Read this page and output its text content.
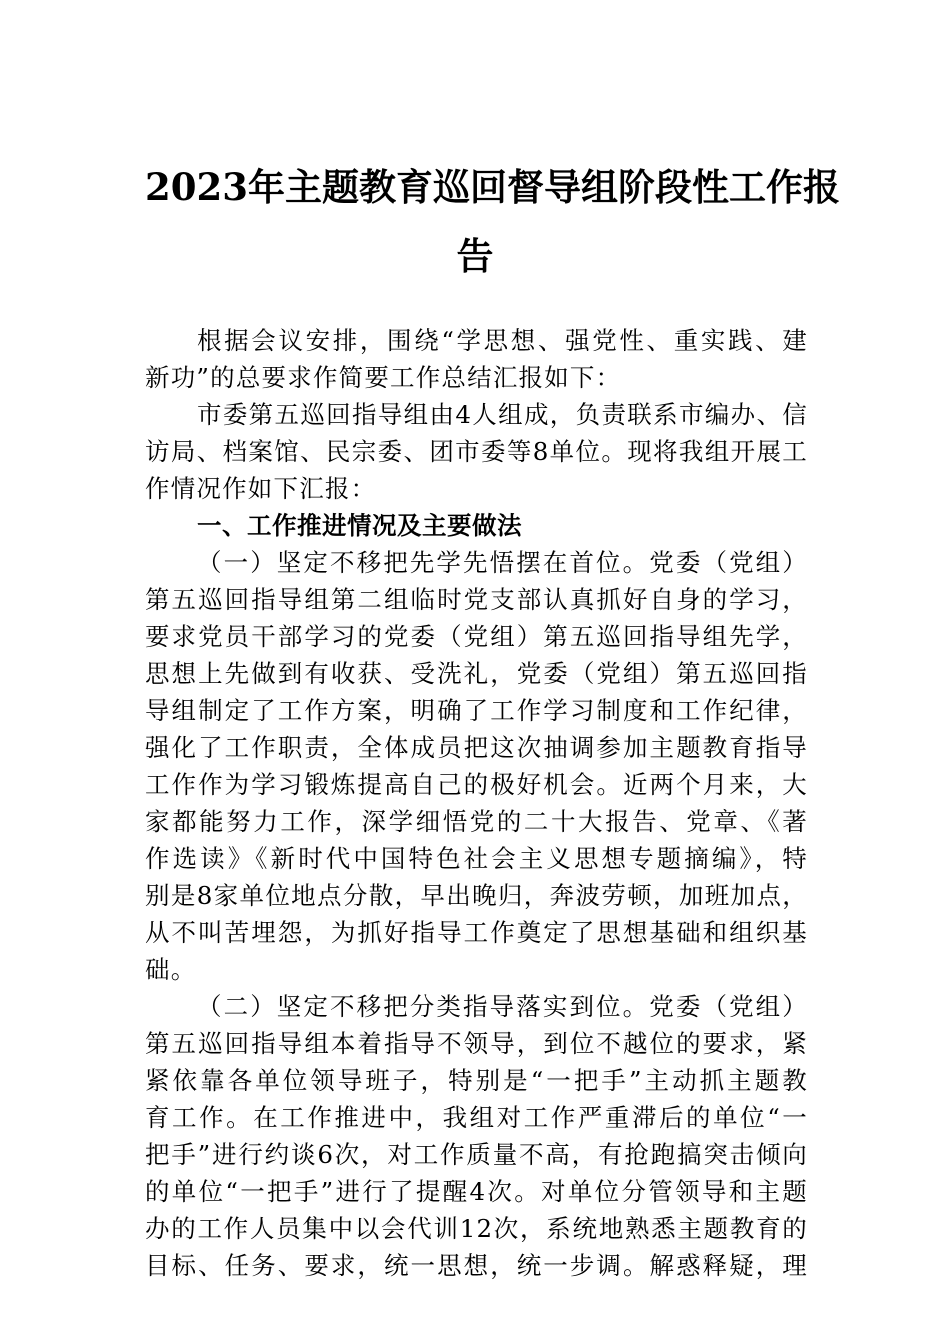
2023年主题教育巡回督导组阶段性工作报
告
根据会议安排，围绕“学思想、强党性、重实践、建
新功”的总要求作简要工作总结汇报如下：
市委第五巡回指导组由4人组成，负责联系市编办、信
访局、档案馆、民宗委、团市委等8单位。现将我组开展工
作情况作如下汇报：
一、工作推进情况及主要做法
（一）坚定不移把先学先悟摆在首位。党委（党组）
第五巡回指导组第二组临时党支部认真抓好自身的学习，
要求党员干部学习的党委（党组）第五巡回指导组先学，
思想上先做到有收获、受洗礼，党委（党组）第五巡回指
导组制定了工作方案，明确了工作学习制度和工作纪律，
强化了工作职责，全体成员把这次抽调参加主题教育指导
工作作为学习锻炼提高自己的极好机会。近两个月来，大
家都能努力工作，深学细悟党的二十大报告、党章、《著
作选读》《新时代中国特色社会主义思想专题摘编》，特
别是8家单位地点分散，早出晚归，奔波劳顿，加班加点，
从不叫苦埋怨，为抓好指导工作奠定了思想基础和组织基
础。
（二）坚定不移把分类指导落实到位。党委（党组）
第五巡回指导组本着指导不领导，到位不越位的要求，紧
紧依靠各单位领导班子，特别是“一把手”主动抓主题教
育工作。在工作推进中，我组对工作严重滞后的单位“一
把手”进行约谈6次，对工作质量不高，有抢跑搞突击倾向
的单位“一把手”进行了提醒4次。对单位分管领导和主题
办的工作人员集中以会代训12次，系统地熟悉主题教育的
目标、任务、要求，统一思想，统一步调。解惑释疑，理
